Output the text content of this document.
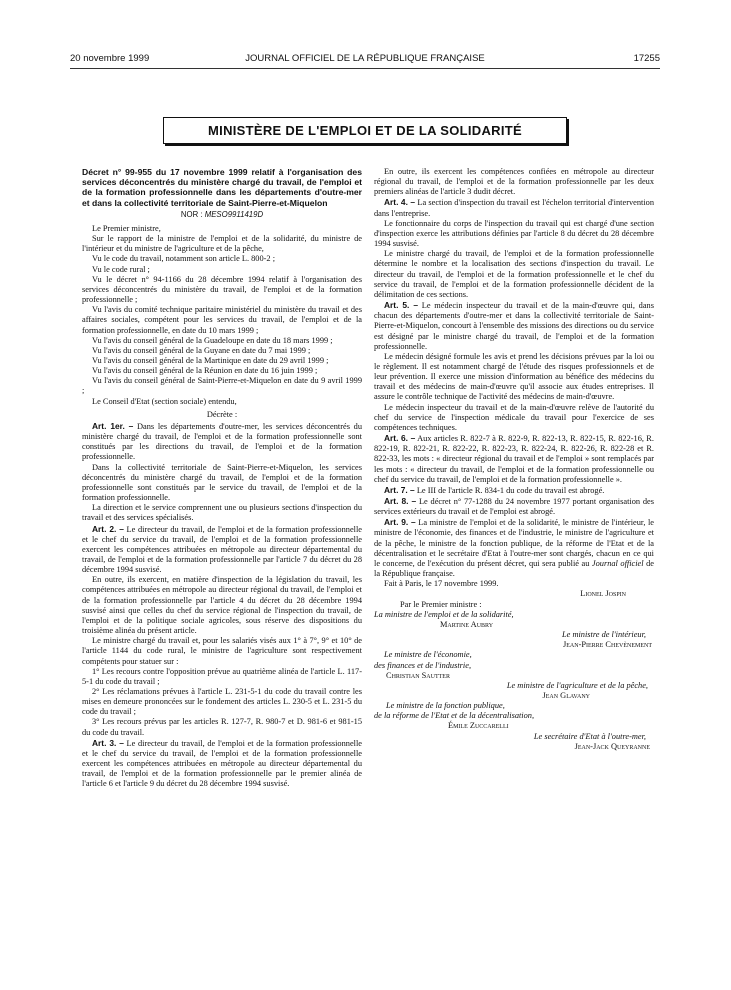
20 novembre 1999	JOURNAL OFFICIEL DE LA RÉPUBLIQUE FRANÇAISE	17255
MINISTÈRE DE L'EMPLOI ET DE LA SOLIDARITÉ

Décret n° 99-955 du 17 novembre 1999 relatif à l'organisation des services déconcentrés du ministère chargé du travail, de l'emploi et de la formation professionnelle dans les départements d'outre-mer et dans la collectivité territoriale de Saint-Pierre-et-Miquelon

NOR : MESO9911419D

Le Premier ministre,

Sur le rapport de la ministre de l'emploi et de la solidarité, du ministre de l'intérieur et du ministre de l'agriculture et de la pêche,

Vu le code du travail, notamment son article L. 800-2 ;

Vu le code rural ;

Vu le décret n° 94-1166 du 28 décembre 1994 relatif à l'organisation des services déconcentrés du ministère du travail, de l'emploi et de la formation professionnelle ;

Vu l'avis du comité technique paritaire ministériel du ministère du travail et des affaires sociales, compétent pour les services du travail, de l'emploi et de la formation professionnelle, en date du 10 mars 1999 ;

Vu l'avis du conseil général de la Guadeloupe en date du 18 mars 1999 ;

Vu l'avis du conseil général de la Guyane en date du 7 mai 1999 ;

Vu l'avis du conseil général de la Martinique en date du 29 avril 1999 ;

Vu l'avis du conseil général de la Réunion en date du 16 juin 1999 ;

Vu l'avis du conseil général de Saint-Pierre-et-Miquelon en date du 9 avril 1999 ;

Le Conseil d'Etat (section sociale) entendu,

Décrète :

Art. 1er. – Dans les départements d'outre-mer, les services déconcentrés du ministère chargé du travail, de l'emploi et de la formation professionnelle sont constitués par les directions du travail, de l'emploi et de la formation professionnelle.

Dans la collectivité territoriale de Saint-Pierre-et-Miquelon, les services déconcentrés du ministère chargé du travail, de l'emploi et de la formation professionnelle sont constitués par le service du travail, de l'emploi et de la formation professionnelle.

La direction et le service comprennent une ou plusieurs sections d'inspection du travail et des services spécialisés.

Art. 2. – Le directeur du travail, de l'emploi et de la formation professionnelle et le chef du service du travail, de l'emploi et de la formation professionnelle exercent les compétences attribuées en métropole au directeur départemental du travail, de l'emploi et de la formation professionnelle par l'article 7 du décret du 28 décembre 1994 susvisé.

En outre, ils exercent, en matière d'inspection de la législation du travail, les compétences attribuées en métropole au directeur régional du travail, de l'emploi et de la formation professionnelle par l'article 4 du décret du 28 décembre 1994 susvisé ainsi que celles du chef du service régional de l'inspection du travail, de l'emploi et de la politique sociale agricoles, sous réserve des dispositions du troisième alinéa du présent article.

Le ministre chargé du travail et, pour les salariés visés aux 1° à 7°, 9° et 10° de l'article 1144 du code rural, le ministre de l'agriculture sont respectivement compétents pour statuer sur :

1° Les recours contre l'opposition prévue au quatrième alinéa de l'article L. 117-5-1 du code du travail ;

2° Les réclamations prévues à l'article L. 231-5-1 du code du travail contre les mises en demeure prononcées sur le fondement des articles L. 230-5 et L. 231-5 du code du travail ;

3° Les recours prévus par les articles R. 127-7, R. 980-7 et D. 981-6 et 981-15 du code du travail.

Art. 3. – Le directeur du travail, de l'emploi et de la formation professionnelle et le chef du service du travail, de l'emploi et de la formation professionnelle exercent les compétences attribuées en métropole au directeur départemental du travail, de l'emploi et de la formation professionnelle par le premier alinéa de l'article 6 et l'article 9 du décret du 28 décembre 1994 susvisé.

En outre, ils exercent les compétences confiées en métropole au directeur régional du travail, de l'emploi et de la formation professionnelle par les deux premiers alinéas de l'article 3 dudit décret.

Art. 4. – La section d'inspection du travail est l'échelon territorial d'intervention dans l'entreprise.

Le fonctionnaire du corps de l'inspection du travail qui est chargé d'une section d'inspection exerce les attributions définies par l'article 8 du décret du 28 décembre 1994 susvisé.

Le ministre chargé du travail, de l'emploi et de la formation professionnelle détermine le nombre et la localisation des sections d'inspection du travail. Le directeur du travail, de l'emploi et de la formation professionnelle et le chef du service du travail, de l'emploi et de la formation professionnelle décident de la délimitation de ces sections.

Art. 5. – Le médecin inspecteur du travail et de la main-d'œuvre qui, dans chacun des départements d'outre-mer et dans la collectivité territoriale de Saint-Pierre-et-Miquelon, concourt à l'ensemble des missions des directions ou du service est désigné par le ministre chargé du travail, de l'emploi et de la formation professionnelle.

Le médecin désigné formule les avis et prend les décisions prévues par la loi ou le règlement. Il est notamment chargé de l'étude des risques professionnels et de leur prévention. Il exerce une mission d'information au bénéfice des médecins du travail et des médecins de main-d'œuvre qu'il associe aux études entreprises. Il assure le contrôle technique de l'activité des médecins de main-d'œuvre.

Le médecin inspecteur du travail et de la main-d'œuvre relève de l'autorité du chef du service de l'inspection médicale du travail pour l'exercice de ses compétences techniques.

Art. 6. – Aux articles R. 822-7 à R. 822-9, R. 822-13, R. 822-15, R. 822-16, R. 822-19, R. 822-21, R. 822-22, R. 822-23, R. 822-24, R. 822-26, R. 822-28 et R. 822-33, les mots : « directeur régional du travail et de l'emploi » sont remplacés par les mots : « directeur du travail, de l'emploi et de la formation professionnelle ou chef du service du travail, de l'emploi et de la formation professionnelle ».

Art. 7. – Le III de l'article R. 834-1 du code du travail est abrogé.

Art. 8. – Le décret n° 77-1288 du 24 novembre 1977 portant organisation des services extérieurs du travail et de l'emploi est abrogé.

Art. 9. – La ministre de l'emploi et de la solidarité, le ministre de l'intérieur, le ministre de l'économie, des finances et de l'industrie, le ministre de l'agriculture et de la pêche, le ministre de la fonction publique, de la réforme de l'Etat et de la décentralisation et le secrétaire d'Etat à l'outre-mer sont chargés, chacun en ce qui le concerne, de l'exécution du présent décret, qui sera publié au Journal officiel de la République française.

Fait à Paris, le 17 novembre 1999.

Lionel Jospin

Par le Premier ministre :

La ministre de l'emploi et de la solidarité,

Martine Aubry

Le ministre de l'intérieur,

Jean-Pierre Chevènement

Le ministre de l'économie,

des finances et de l'industrie,

Christian Sautter

Le ministre de l'agriculture et de la pêche,

Jean Glavany

Le ministre de la fonction publique,

de la réforme de l'Etat et de la décentralisation,

Émile Zuccarelli

Le secrétaire d'Etat à l'outre-mer,

Jean-Jack Queyranne
